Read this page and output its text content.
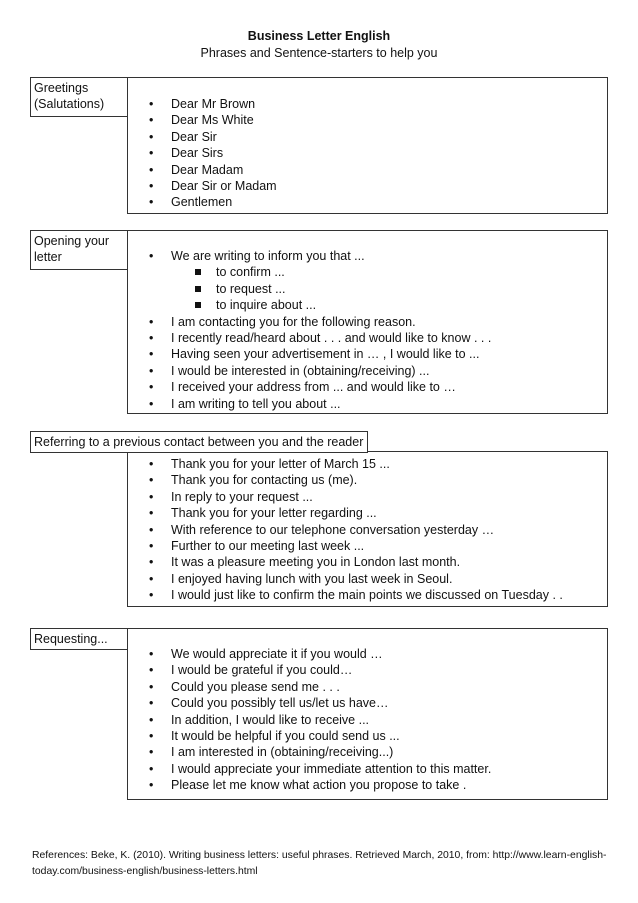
Business Letter English
Phrases and Sentence-starters to help you
Greetings
(Salutations)	• Dear Mr Brown
• Dear Ms White
• Dear Sir
• Dear Sirs
• Dear Madam
• Dear Sir or Madam
• Gentlemen
Opening your
letter	• We are writing to inform you that ...
to confirm ...
to request ...
to inquire about ...
• I am contacting you for the following reason.
• I recently read/heard about . . . and would like to know . . .
• Having seen your advertisement in … , I would like to ...
• I would be interested in (obtaining/receiving) ...
• I received your address from ... and would like to …
• I am writing to tell you about ...
Referring to a previous contact between you and the reader
• Thank you for your letter of March 15 ...
• Thank you for contacting us (me).
• In reply to your request ...
• Thank you for your letter regarding ...
• With reference to our telephone conversation yesterday …
• Further to our meeting last week ...
• It was a pleasure meeting you in London last month.
• I enjoyed having lunch with you last week in Seoul.
• I would just like to confirm the main points we discussed on Tuesday . .
Requesting...
• We would appreciate it if you would …
• I would be grateful if you could…
• Could you please send me . . .
• Could you possibly tell us/let us have…
• In addition, I would like to receive ...
• It would be helpful if you could send us ...
• I am interested in (obtaining/receiving...)
• I would appreciate your immediate attention to this matter.
• Please let me know what action you propose to take .
References: Beke, K. (2010). Writing business letters: useful phrases. Retrieved March, 2010, from: http://www.learn-english-today.com/business-english/business-letters.html
